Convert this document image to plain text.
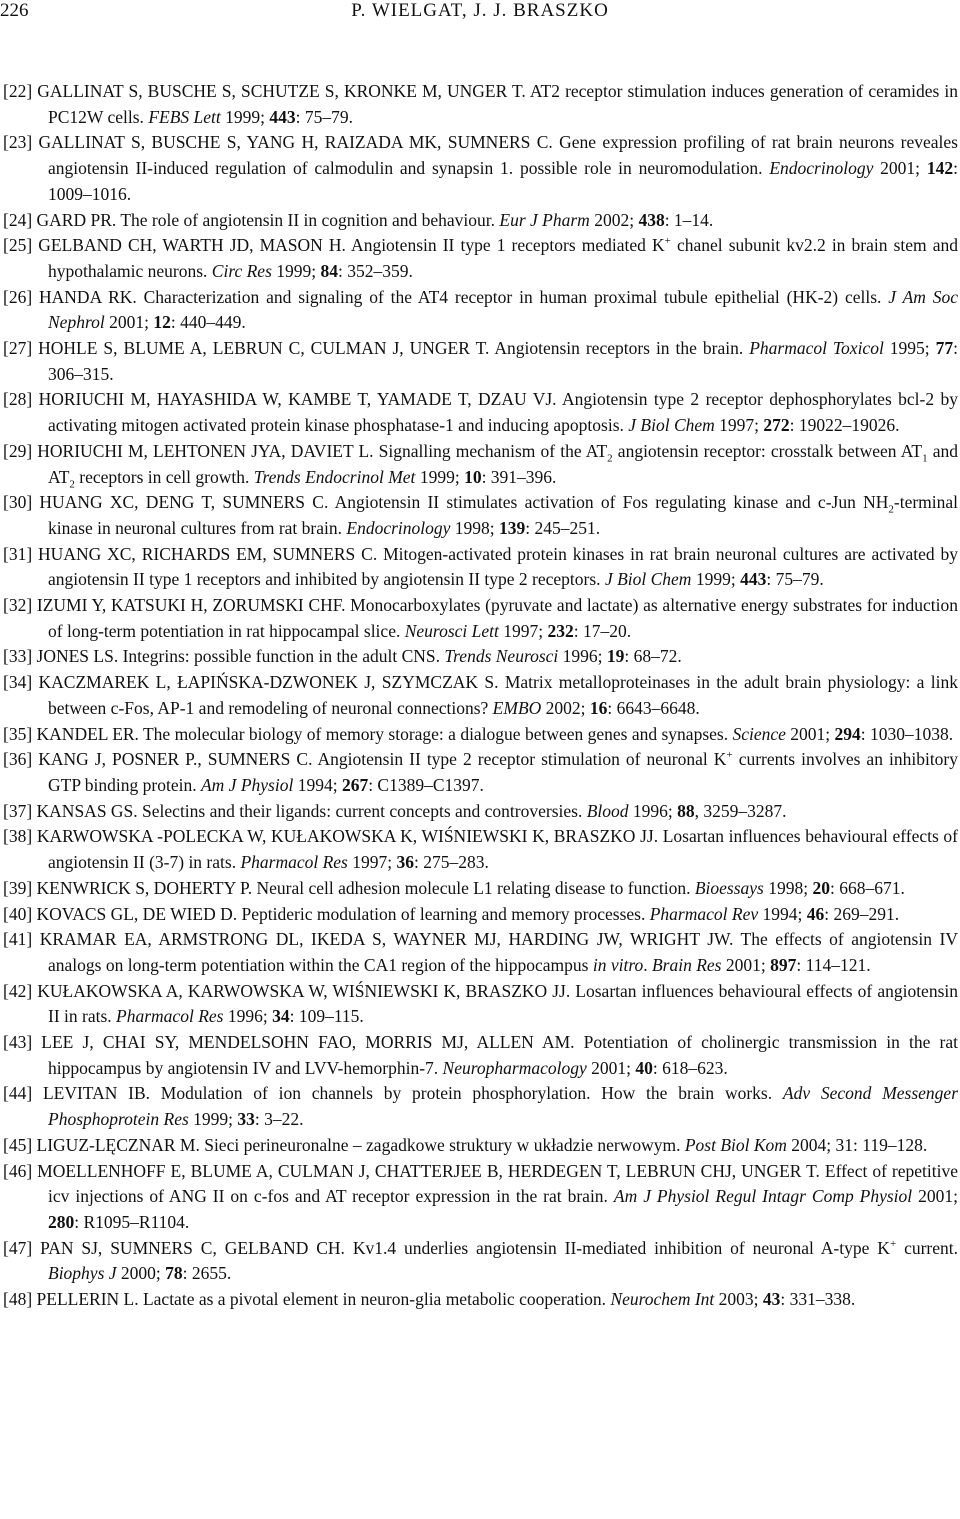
226	P. WIELGAT, J. J. BRASZKO

[22] GALLINAT S, BUSCHE S, SCHUTZE S, KRONKE M, UNGER T. AT2 receptor stimulation induces generation of ceramides in PC12W cells. FEBS Lett 1999; 443: 75–79.

[23] GALLINAT S, BUSCHE S, YANG H, RAIZADA MK, SUMNERS C. Gene expression profiling of rat brain neurons reveales angiotensin II-induced regulation of calmodulin and synapsin 1. possible role in neuromodulation. Endocrinology 2001; 142: 1009–1016.

[24] GARD PR. The role of angiotensin II in cognition and behaviour. Eur J Pharm 2002; 438: 1–14.

[25] GELBAND CH, WARTH JD, MASON H. Angiotensin II type 1 receptors mediated K+ chanel subunit kv2.2 in brain stem and hypothalamic neurons. Circ Res 1999; 84: 352–359.

[26] HANDA RK. Characterization and signaling of the AT4 receptor in human proximal tubule epithelial (HK-2) cells. J Am Soc Nephrol 2001; 12: 440–449.

[27] HOHLE S, BLUME A, LEBRUN C, CULMAN J, UNGER T. Angiotensin receptors in the brain. Pharmacol Toxicol 1995; 77: 306–315.

[28] HORIUCHI M, HAYASHIDA W, KAMBE T, YAMADE T, DZAU VJ. Angiotensin type 2 receptor dephosphorylates bcl-2 by activating mitogen activated protein kinase phosphatase-1 and inducing apoptosis. J Biol Chem 1997; 272: 19022–19026.

[29] HORIUCHI M, LEHTONEN JYA, DAVIET L. Signalling mechanism of the $AT_2$ angiotensin receptor: crosstalk between $AT_1$ and $AT_2$ receptors in cell growth. Trends Endocrinol Met 1999; 10: 391–396.

[30] HUANG XC, DENG T, SUMNERS C. Angiotensin II stimulates activation of Fos regulating kinase and c-Jun $NH_2$-terminal kinase in neuronal cultures from rat brain. Endocrinology 1998; 139: 245–251.

[31] HUANG XC, RICHARDS EM, SUMNERS C. Mitogen-activated protein kinases in rat brain neuronal cultures are activated by angiotensin II type 1 receptors and inhibited by angiotensin II type 2 receptors. J Biol Chem 1999; 443: 75–79.

[32] IZUMI Y, KATSUKI H, ZORUMSKI CHF. Monocarboxylates (pyruvate and lactate) as alternative energy substrates for induction of long-term potentiation in rat hippocampal slice. Neurosci Lett 1997; 232: 17–20.

[33] JONES LS. Integrins: possible function in the adult CNS. Trends Neurosci 1996; 19: 68–72.

[34] KACZMAREK L, ŁAPIŃSKA-DZWONEK J, SZYMCZAK S. Matrix metalloproteinases in the adult brain physiology: a link between c-Fos, AP-1 and remodeling of neuronal connections? EMBO 2002; 16: 6643–6648.

[35] KANDEL ER. The molecular biology of memory storage: a dialogue between genes and synapses. Science 2001; 294: 1030–1038.

[36] KANG J, POSNER P., SUMNERS C. Angiotensin II type 2 receptor stimulation of neuronal K+ currents involves an inhibitory GTP binding protein. Am J Physiol 1994; 267: C1389–C1397.

[37] KANSAS GS. Selectins and their ligands: current concepts and controversies. Blood 1996; 88, 3259–3287.

[38] KARWOWSKA -POLECKA W, KUŁAKOWSKA K, WIŚNIEWSKI K, BRASZKO JJ. Losartan influences behavioural effects of angiotensin II (3-7) in rats. Pharmacol Res 1997; 36: 275–283.

[39] KENWRICK S, DOHERTY P. Neural cell adhesion molecule L1 relating disease to function. Bioessays 1998; 20: 668–671.

[40] KOVACS GL, DE WIED D. Peptideric modulation of learning and memory processes. Pharmacol Rev 1994; 46: 269–291.

[41] KRAMAR EA, ARMSTRONG DL, IKEDA S, WAYNER MJ, HARDING JW, WRIGHT JW. The effects of angiotensin IV analogs on long-term potentiation within the CA1 region of the hippocampus in vitro. Brain Res 2001; 897: 114–121.

[42] KUŁAKOWSKA A, KARWOWSKA W, WIŚNIEWSKI K, BRASZKO JJ. Losartan influences behavioural effects of angiotensin II in rats. Pharmacol Res 1996; 34: 109–115.

[43] LEE J, CHAI SY, MENDELSOHN FAO, MORRIS MJ, ALLEN AM. Potentiation of cholinergic transmission in the rat hippocampus by angiotensin IV and LVV-hemorphin-7. Neuropharmacology 2001; 40: 618–623.

[44] LEVITAN IB. Modulation of ion channels by protein phosphorylation. How the brain works. Adv Second Messenger Phosphoprotein Res 1999; 33: 3–22.

[45] LIGUZ-LĘCZNAR M. Sieci perineuronalne – zagadkowe struktury w układzie nerwowym. Post Biol Kom 2004; 31: 119–128.

[46] MOELLENHOFF E, BLUME A, CULMAN J, CHATTERJEE B, HERDEGEN T, LEBRUN CHJ, UNGER T. Effect of repetitive icv injections of ANG II on c-fos and AT receptor expression in the rat brain. Am J Physiol Regul Intagr Comp Physiol 2001; 280: R1095–R1104.

[47] PAN SJ, SUMNERS C, GELBAND CH. Kv1.4 underlies angiotensin II-mediated inhibition of neuronal A-type K+ current. Biophys J 2000; 78: 2655.

[48] PELLERIN L. Lactate as a pivotal element in neuron-glia metabolic cooperation. Neurochem Int 2003; 43: 331–338.
